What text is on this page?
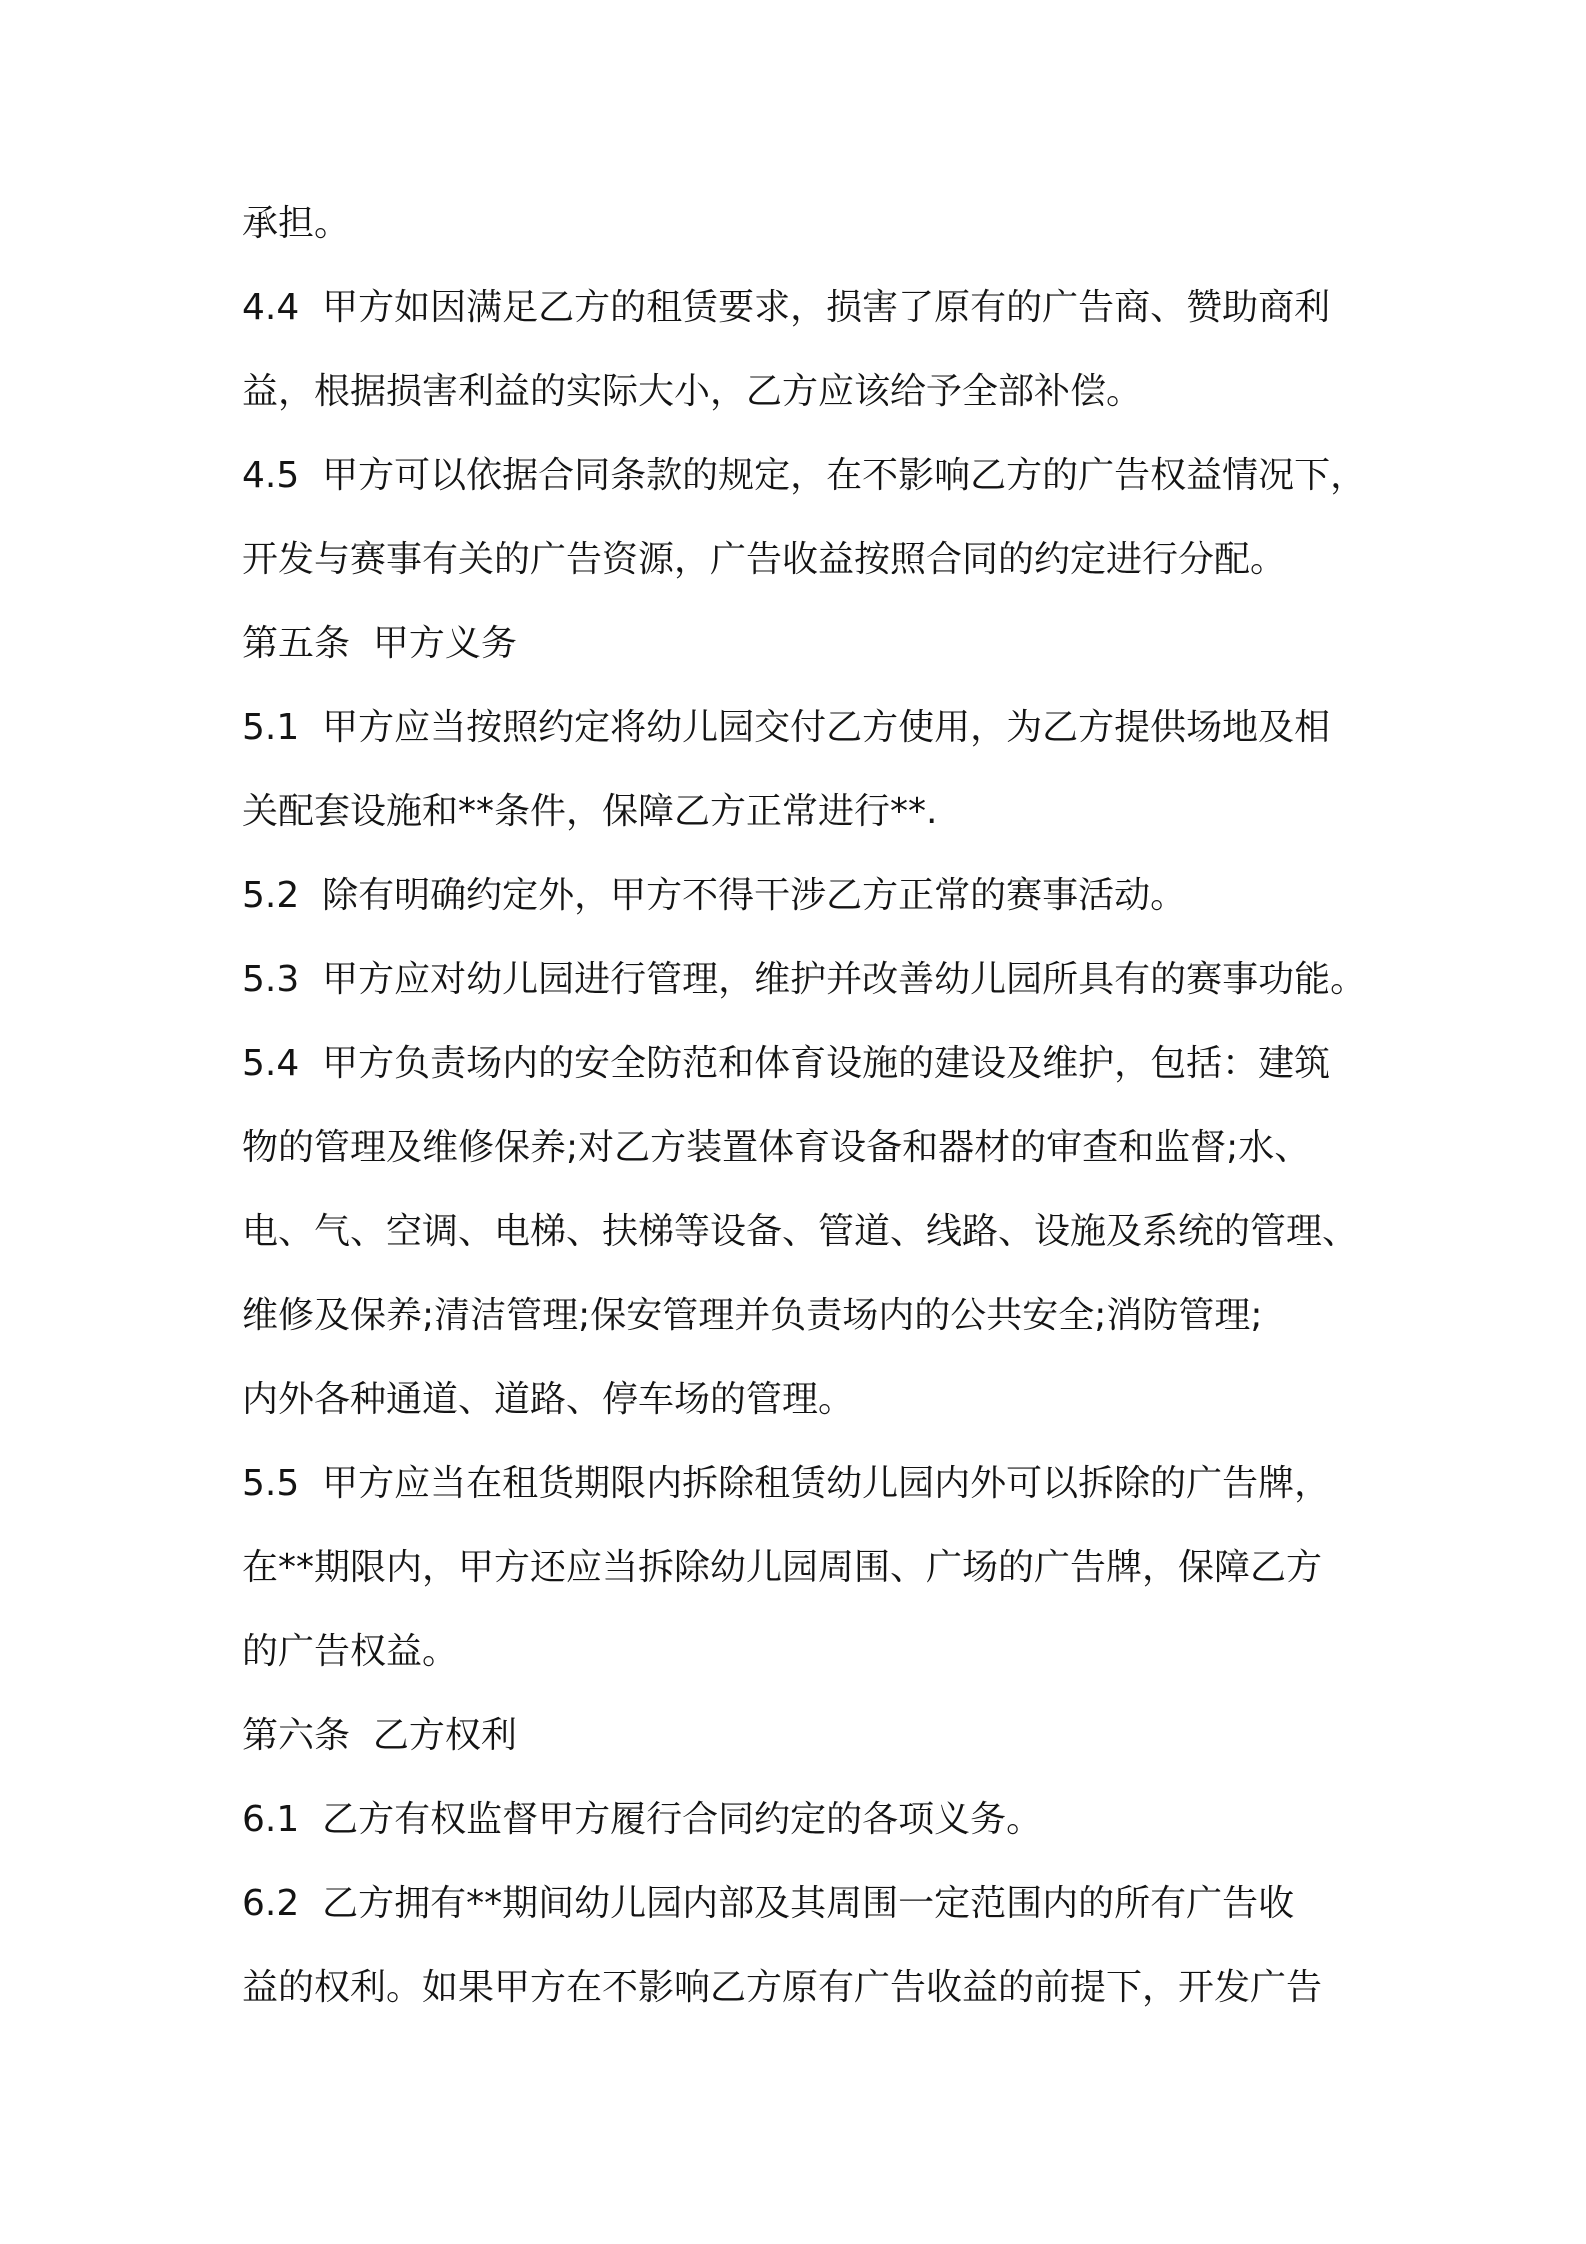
承担。
4.4  甲方如因满足乙方的租赁要求，损害了原有的广告商、赞助商利
益，根据损害利益的实际大小，乙方应该给予全部补偿。
4.5  甲方可以依据合同条款的规定，在不影响乙方的广告权益情况下，
开发与赛事有关的广告资源，广告收益按照合同的约定进行分配。
第五条  甲方义务
5.1  甲方应当按照约定将幼儿园交付乙方使用，为乙方提供场地及相
关配套设施和**条件，保障乙方正常进行**.
5.2  除有明确约定外，甲方不得干涉乙方正常的赛事活动。
5.3  甲方应对幼儿园进行管理，维护并改善幼儿园所具有的赛事功能。
5.4  甲方负责场内的安全防范和体育设施的建设及维护，包括：建筑
物的管理及维修保养;对乙方装置体育设备和器材的审查和监督;水、
电、气、空调、电梯、扶梯等设备、管道、线路、设施及系统的管理、
维修及保养;清洁管理;保安管理并负责场内的公共安全;消防管理;
内外各种通道、道路、停车场的管理。
5.5  甲方应当在租货期限内拆除租赁幼儿园内外可以拆除的广告牌，
在**期限内，甲方还应当拆除幼儿园周围、广场的广告牌，保障乙方
的广告权益。
第六条  乙方权利
6.1  乙方有权监督甲方履行合同约定的各项义务。
6.2  乙方拥有**期间幼儿园内部及其周围一定范围内的所有广告收
益的权利。如果甲方在不影响乙方原有广告收益的前提下，开发广告
